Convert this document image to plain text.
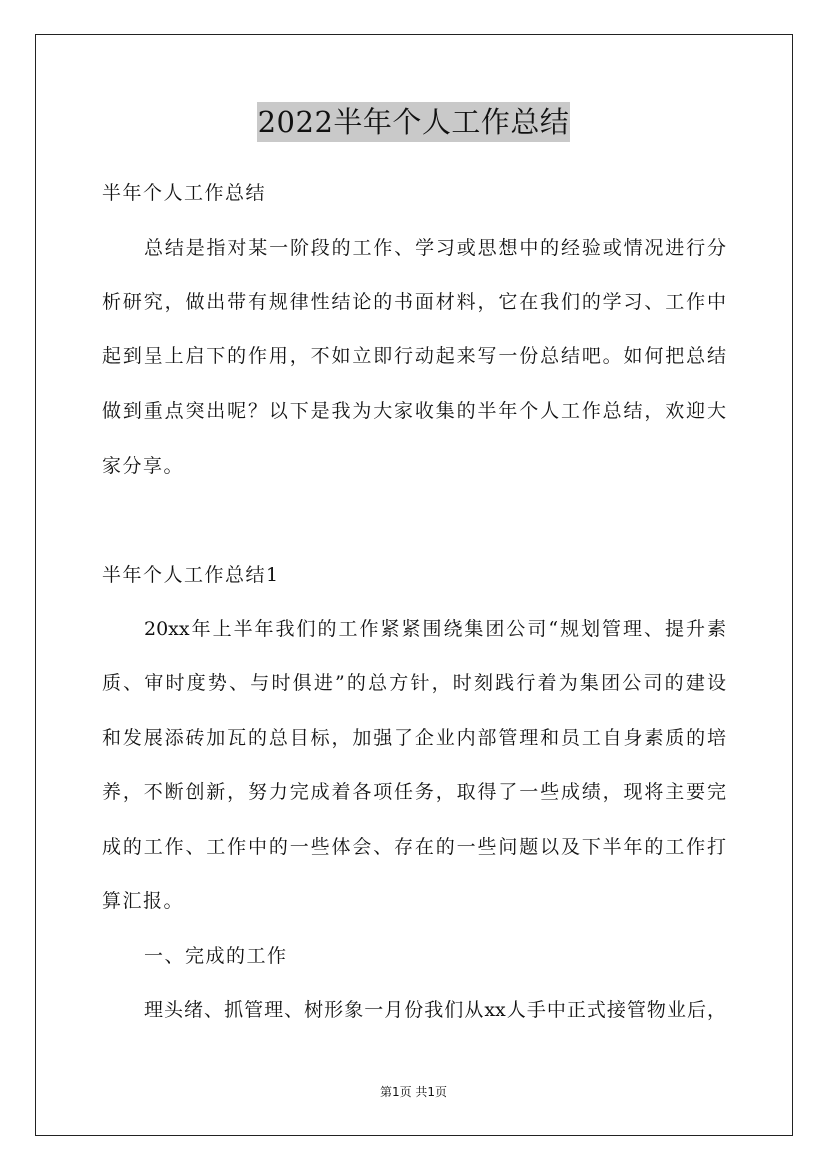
2022半年个人工作总结
半年个人工作总结
总结是指对某一阶段的工作、学习或思想中的经验或情况进行分
析研究，做出带有规律性结论的书面材料，它在我们的学习、工作中
起到呈上启下的作用，不如立即行动起来写一份总结吧。如何把总结
做到重点突出呢？以下是我为大家收集的半年个人工作总结，欢迎大
家分享。
半年个人工作总结1
20xx年上半年我们的工作紧紧围绕集团公司“规划管理、提升素
质、审时度势、与时俱进”的总方针，时刻践行着为集团公司的建设
和发展添砖加瓦的总目标，加强了企业内部管理和员工自身素质的培
养，不断创新，努力完成着各项任务，取得了一些成绩，现将主要完
成的工作、工作中的一些体会、存在的一些问题以及下半年的工作打
算汇报。
一、完成的工作
理头绪、抓管理、树形象一月份我们从xx人手中正式接管物业后，
第1页 共1页
